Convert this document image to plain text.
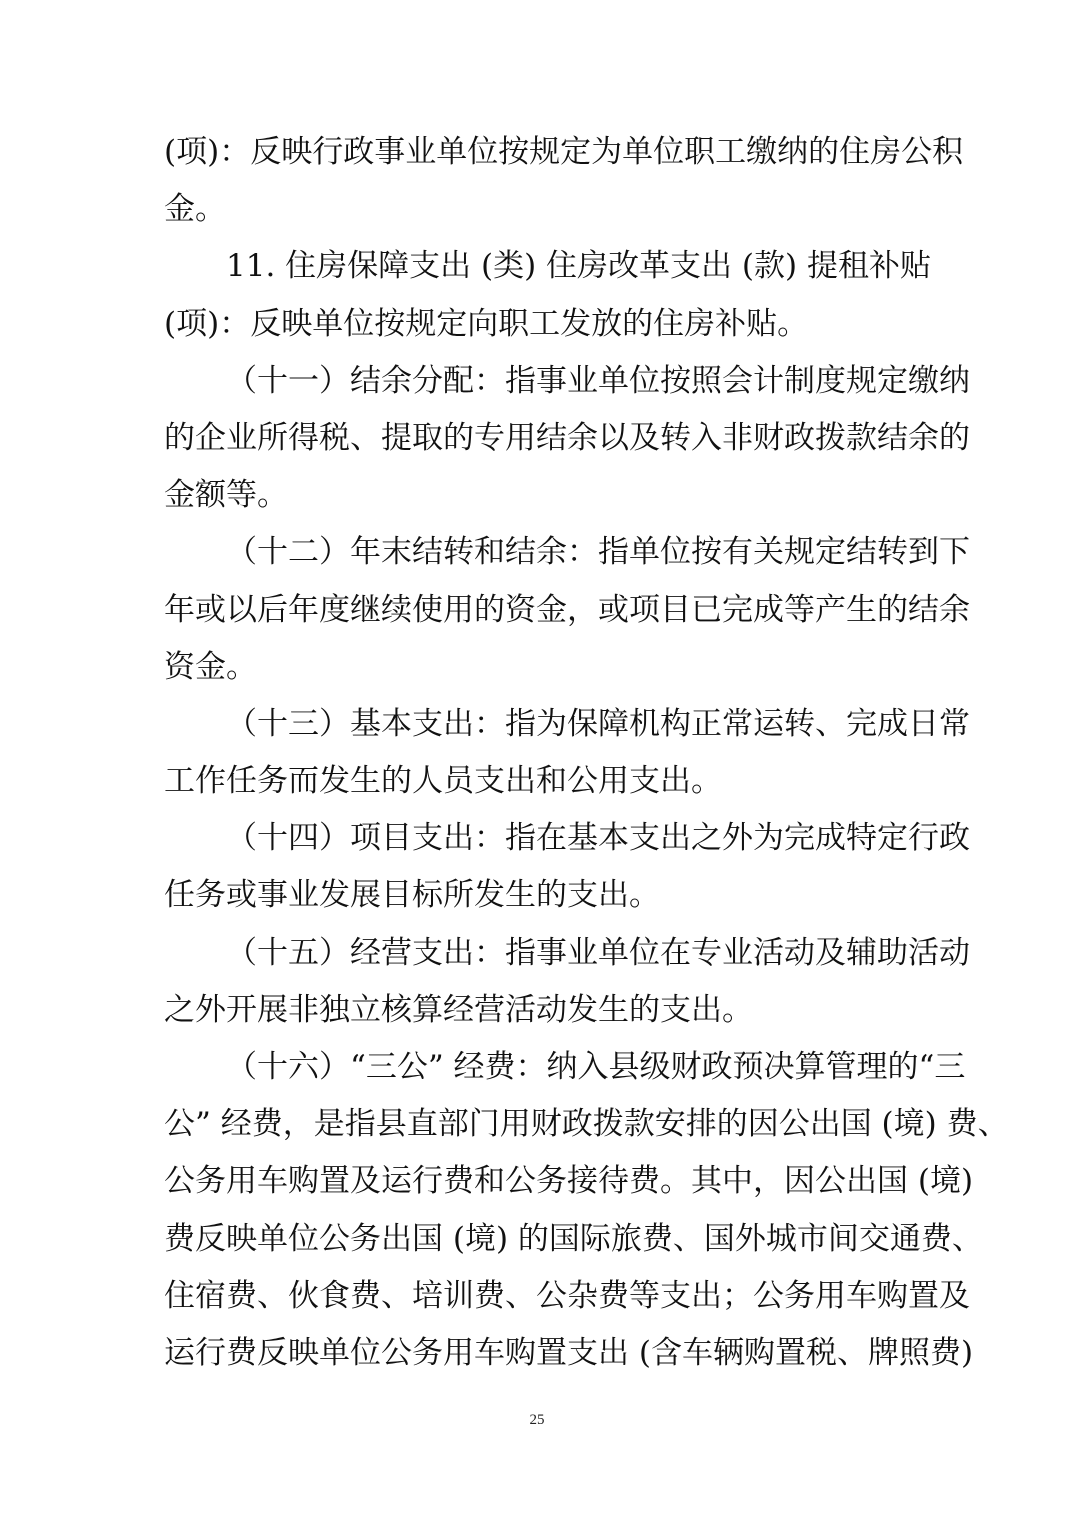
(项)：反映行政事业单位按规定为单位职工缴纳的住房公积
金。
11. 住房保障支出 (类) 住房改革支出 (款) 提租补贴
(项)：反映单位按规定向职工发放的住房补贴。
（十一）结余分配：指事业单位按照会计制度规定缴纳
的企业所得税、提取的专用结余以及转入非财政拨款结余的
金额等。
（十二）年末结转和结余：指单位按有关规定结转到下
年或以后年度继续使用的资金，或项目已完成等产生的结余
资金。
（十三）基本支出：指为保障机构正常运转、完成日常
工作任务而发生的人员支出和公用支出。
（十四）项目支出：指在基本支出之外为完成特定行政
任务或事业发展目标所发生的支出。
（十五）经营支出：指事业单位在专业活动及辅助活动
之外开展非独立核算经营活动发生的支出。
（十六）“三公” 经费：纳入县级财政预决算管理的“三
公” 经费，是指县直部门用财政拨款安排的因公出国 (境) 费、
公务用车购置及运行费和公务接待费。其中，因公出国 (境)
费反映单位公务出国 (境) 的国际旅费、国外城市间交通费、
住宿费、伙食费、培训费、公杂费等支出；公务用车购置及
运行费反映单位公务用车购置支出 (含车辆购置税、牌照费)
25
